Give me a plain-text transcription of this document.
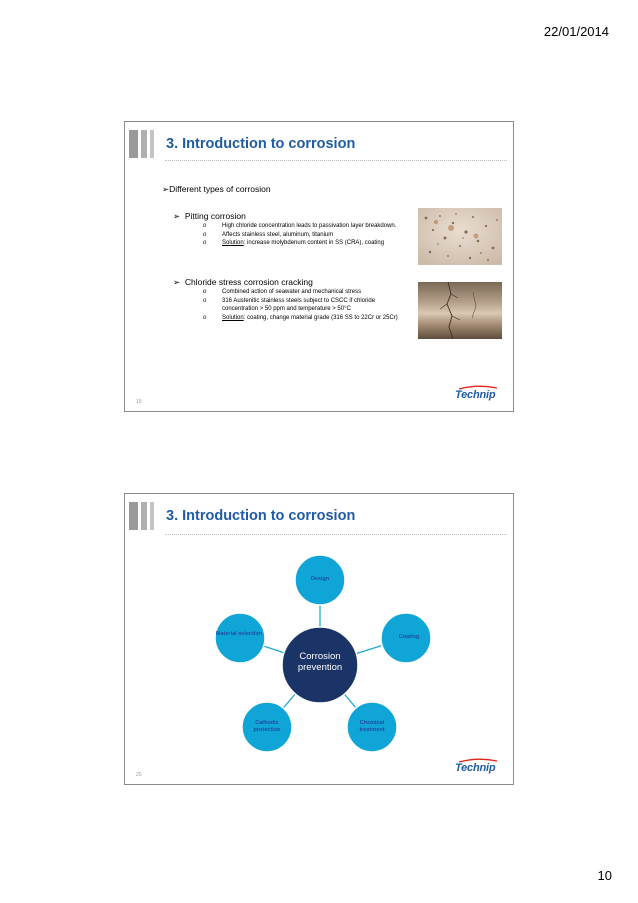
22/01/2014
3. Introduction to corrosion
➢Different types of corrosion
➢ Pitting corrosion
o	High chloride concentration leads to passivation layer breakdown.
o	Affects stainless steel, aluminum, titanium
o	Solution: increase molybdenum content in SS (CRA), coating
➢ Chloride stress corrosion cracking
o	Combined action of seawater and mechanical stress
o	316 Austenitic stainless steels subject to CSCC if chloride concentration > 50 ppm and temperature > 50°C
o	Solution: coating, change material grade (316 SS to 22Cr or 25Cr)
19
Technip
3. Introduction to corrosion
Design
Coating
Chemical treatment
Cathodic protection
Material selection
Corrosion prevention
20
Technip
10
